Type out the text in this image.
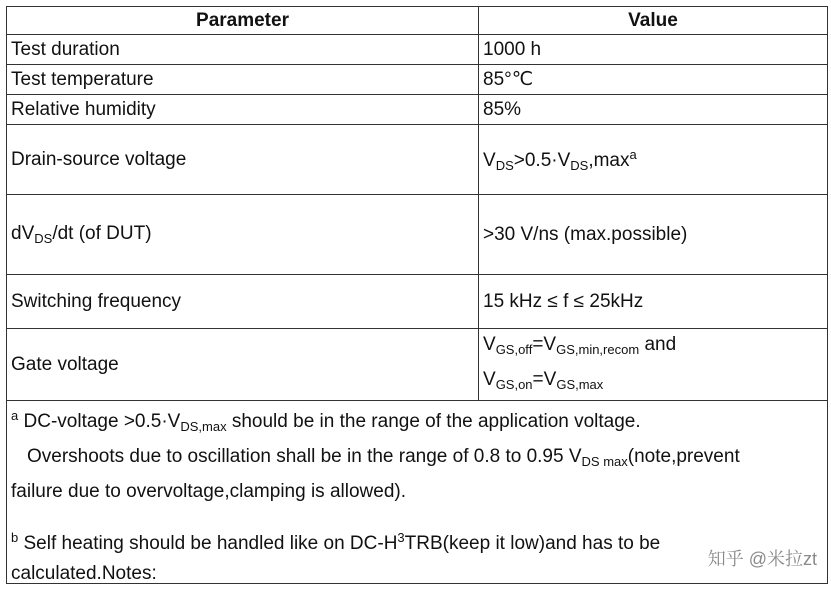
Parameter	Value
Test duration	1000 h
Test temperature	85°℃
Relative humidity	85%
Drain-source voltage	$V_{DS}>0.5\cdot V_{DS},\max^a$
$dV_{DS}/dt$ (of DUT)	>30 V/ns (max.possible)
Switching frequency	15 kHz ≤ f ≤ 25kHz
Gate voltage	$V_{GS,off}=V_{GS,min,recom}$ and
$V_{GS,on}=V_{GS,max}$

$^a$ DC-voltage $>0.5\cdot V_{DS,max}$ should be in the range of the application voltage.

Overshoots due to oscillation shall be in the range of 0.8 to 0.95 $V_{DS max}(note,prevent$

failure due to overvoltage,clamping is allowed).

$^b$ Self heating should be handled like on $DC-H^3TRB(keep$ it low)and has to be

calculated.Notes:

知乎 @米拉zt
